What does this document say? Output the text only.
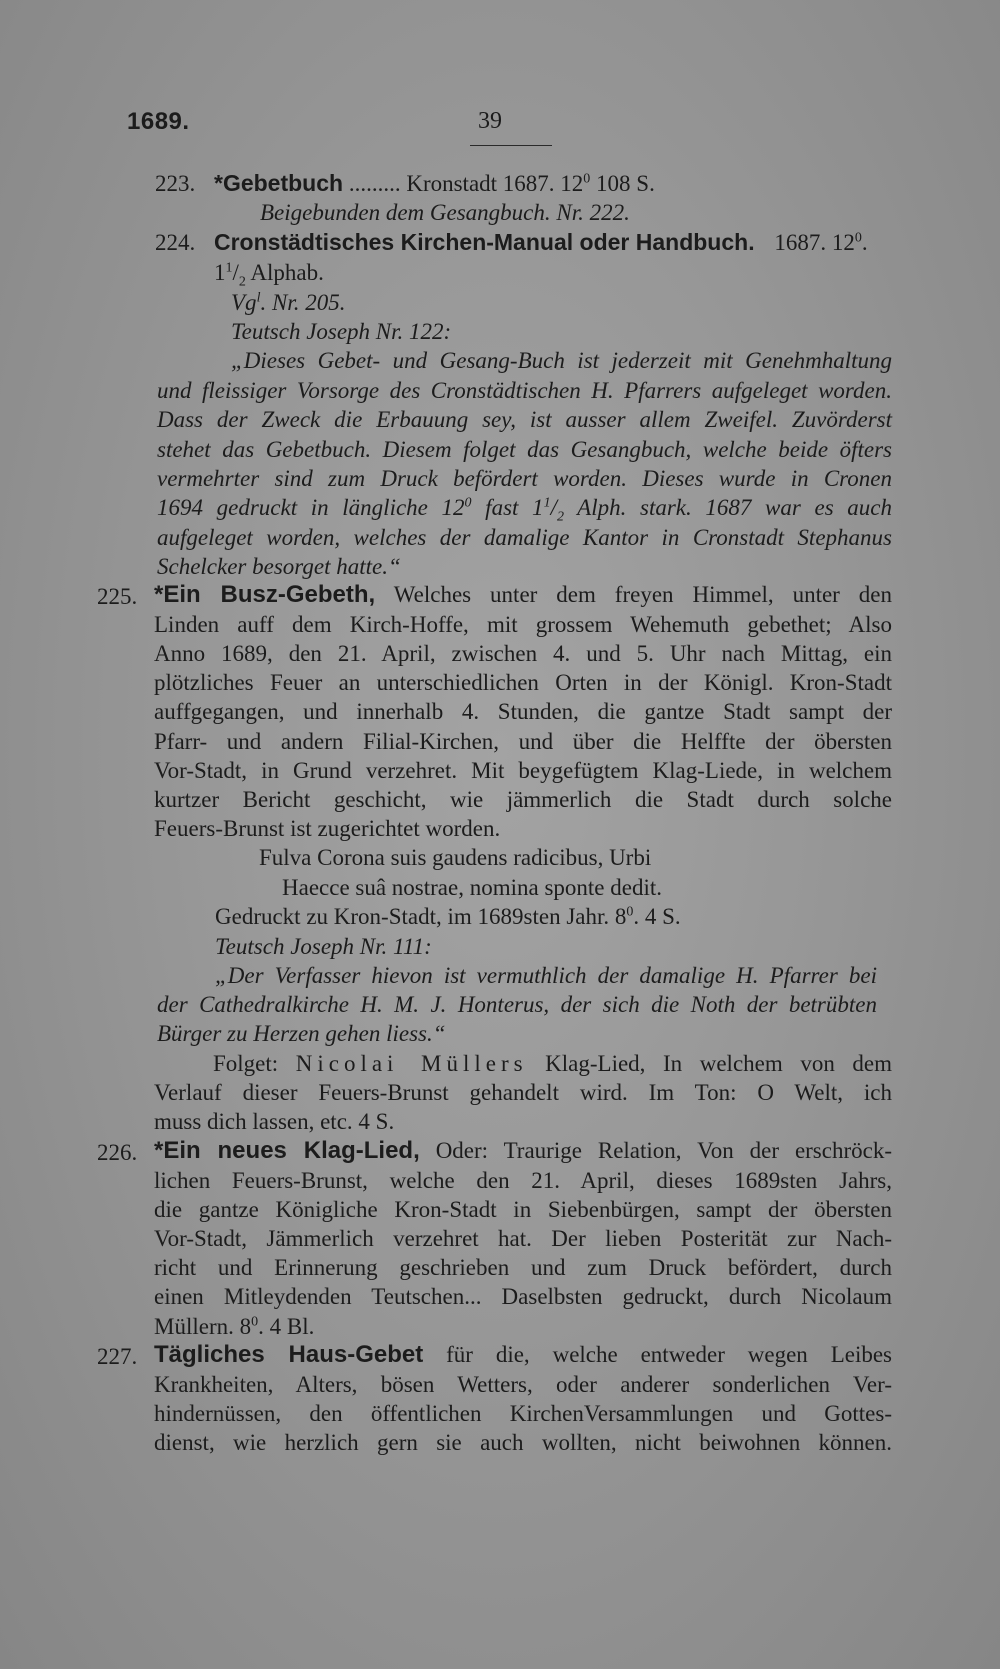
1689.	39
223. *Gebetbuch ......... Kronstadt 1687. $12^0$ 108 S.
Beigebunden dem Gesangbuch. Nr. 222.
224. Cronstädtisches Kirchen-Manual oder Handbuch. 1687. $12^0$.
$1^1/_2$ Alphab.
Vg$^l$. Nr. 205.
Teutsch Joseph Nr. 122:
„Dieses Gebet- und Gesang-Buch ist jederzeit mit Genehmhaltung
und fleissiger Vorsorge des Cronstädtischen H. Pfarrers aufgeleget worden.
Dass der Zweck die Erbauung sey, ist ausser allem Zweifel. Zuvörderst
stehet das Gebetbuch. Diesem folget das Gesangbuch, welche beide öfters
vermehrter sind zum Druck befördert worden. Dieses wurde in Cronen
1694 gedruckt in längliche $12^0$ fast $1^1/_2$ Alph. stark. 1687 war es auch
aufgeleget worden, welches der damalige Kantor in Cronstadt Stephanus
Schelcker besorget hatte.“
225. *Ein Busz-Gebeth, Welches unter dem freyen Himmel, unter den
Linden auff dem Kirch-Hoffe, mit grossem Wehemuth gebethet; Also
Anno 1689, den 21. April, zwischen 4. und 5. Uhr nach Mittag, ein
plötzliches Feuer an unterschiedlichen Orten in der Königl. Kron-Stadt
auffgegangen, und innerhalb 4. Stunden, die gantze Stadt sampt der
Pfarr- und andern Filial-Kirchen, und über die Helffte der öbersten
Vor-Stadt, in Grund verzehret. Mit beygefügtem Klag-Liede, in welchem
kurtzer Bericht geschicht, wie jämmerlich die Stadt durch solche
Feuers-Brunst ist zugerichtet worden.
Fulva Corona suis gaudens radicibus, Urbi
Haecce suâ nostrae, nomina sponte dedit.
Gedruckt zu Kron-Stadt, im 1689sten Jahr. $8^0$. 4 S.
Teutsch Joseph Nr. 111:
„Der Verfasser hievon ist vermuthlich der damalige H. Pfarrer bei
der Cathedralkirche H. M. J. Honterus, der sich die Noth der betrübten
Bürger zu Herzen gehen liess.“
Folget: Nicolai Müllers Klag-Lied, In welchem von dem
Verlauf dieser Feuers-Brunst gehandelt wird. Im Ton: O Welt, ich
muss dich lassen, etc. 4 S.
226. *Ein neues Klag-Lied, Oder: Traurige Relation, Von der erschröck-
lichen Feuers-Brunst, welche den 21. April, dieses 1689sten Jahrs,
die gantze Königliche Kron-Stadt in Siebenbürgen, sampt der öbersten
Vor-Stadt, Jämmerlich verzehret hat. Der lieben Posterität zur Nach-
richt und Erinnerung geschrieben und zum Druck befördert, durch
einen Mitleydenden Teutschen... Daselbsten gedruckt, durch Nicolaum
Müllern. $8^0$. 4 Bl.
227. Tägliches Haus-Gebet für die, welche entweder wegen Leibes
Krankheiten, Alters, bösen Wetters, oder anderer sonderlichen Ver-
hindernüssen, den öffentlichen KirchenVersammlungen und Gottes-
dienst, wie herzlich gern sie auch wollten, nicht beiwohnen können.
